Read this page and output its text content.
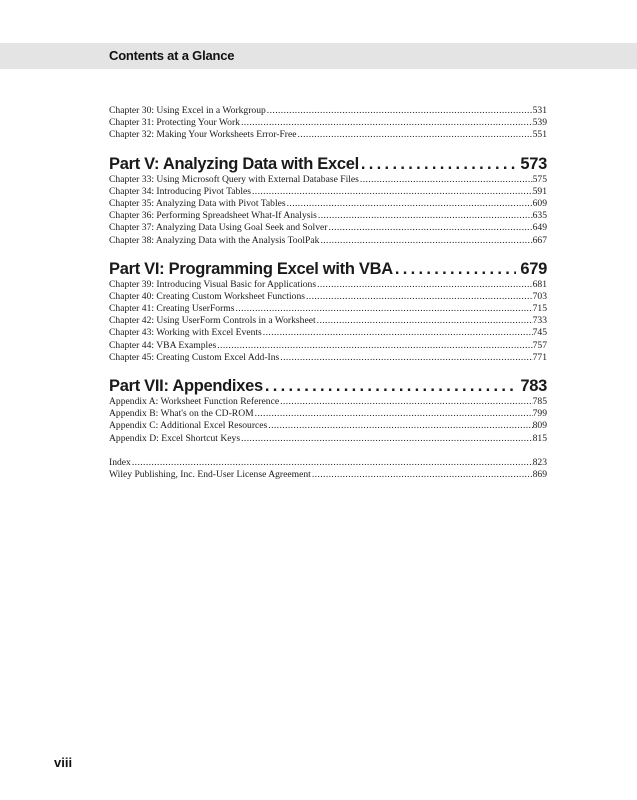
Contents at a Glance
Chapter 30: Using Excel in a Workgroup .....	531
Chapter 31: Protecting Your Work .....	539
Chapter 32: Making Your Worksheets Error-Free .....	551
Part V: Analyzing Data with Excel .....	573
Chapter 33: Using Microsoft Query with External Database Files .....	575
Chapter 34: Introducing Pivot Tables .....	591
Chapter 35: Analyzing Data with Pivot Tables .....	609
Chapter 36: Performing Spreadsheet What-If Analysis .....	635
Chapter 37: Analyzing Data Using Goal Seek and Solver .....	649
Chapter 38: Analyzing Data with the Analysis ToolPak .....	667
Part VI: Programming Excel with VBA .....	679
Chapter 39: Introducing Visual Basic for Applications .....	681
Chapter 40: Creating Custom Worksheet Functions .....	703
Chapter 41: Creating UserForms .....	715
Chapter 42: Using UserForm Controls in a Worksheet .....	733
Chapter 43: Working with Excel Events .....	745
Chapter 44: VBA Examples .....	757
Chapter 45: Creating Custom Excel Add-Ins .....	771
Part VII: Appendixes .....	783
Appendix A: Worksheet Function Reference .....	785
Appendix B: What's on the CD-ROM .....	799
Appendix C: Additional Excel Resources .....	809
Appendix D: Excel Shortcut Keys .....	815
Index .....	823
Wiley Publishing, Inc. End-User License Agreement .....	869
viii
